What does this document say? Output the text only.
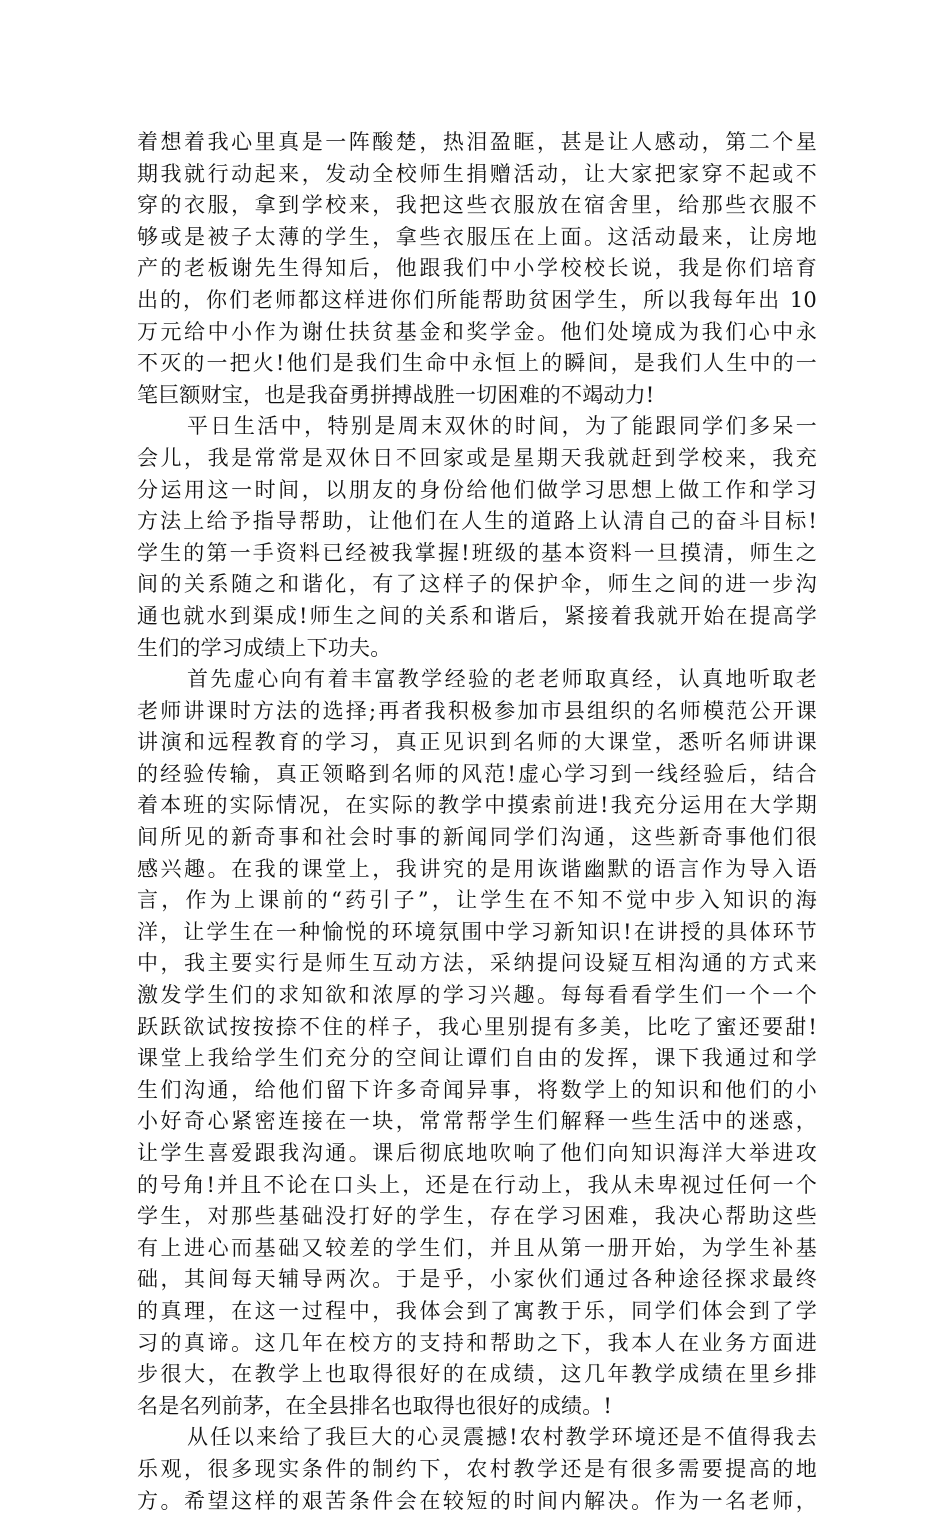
着想着我心里真是一阵酸楚，热泪盈眶，甚是让人感动，第二个星
期我就行动起来，发动全校师生捐赠活动，让大家把家穿不起或不
穿的衣服，拿到学校来，我把这些衣服放在宿舍里，给那些衣服不
够或是被子太薄的学生，拿些衣服压在上面。这活动最来，让房地
产的老板谢先生得知后，他跟我们中小学校校长说，我是你们培育
出的，你们老师都这样进你们所能帮助贫困学生，所以我每年出 10
万元给中小作为谢仕扶贫基金和奖学金。他们处境成为我们心中永
不灭的一把火!他们是我们生命中永恒上的瞬间，是我们人生中的一
笔巨额财宝，也是我奋勇拼搏战胜一切困难的不竭动力!
平日生活中，特别是周末双休的时间，为了能跟同学们多呆一
会儿，我是常常是双休日不回家或是星期天我就赶到学校来，我充
分运用这一时间，以朋友的身份给他们做学习思想上做工作和学习
方法上给予指导帮助，让他们在人生的道路上认清自己的奋斗目标!
学生的第一手资料已经被我掌握!班级的基本资料一旦摸清，师生之
间的关系随之和谐化，有了这样子的保护伞，师生之间的进一步沟
通也就水到渠成!师生之间的关系和谐后，紧接着我就开始在提高学
生们的学习成绩上下功夫。
首先虚心向有着丰富教学经验的老老师取真经，认真地听取老
老师讲课时方法的选择;再者我积极参加市县组织的名师模范公开课
讲演和远程教育的学习，真正见识到名师的大课堂，悉听名师讲课
的经验传输，真正领略到名师的风范!虚心学习到一线经验后，结合
着本班的实际情况，在实际的教学中摸索前进!我充分运用在大学期
间所见的新奇事和社会时事的新闻同学们沟通，这些新奇事他们很
感兴趣。在我的课堂上，我讲究的是用诙谐幽默的语言作为导入语
言，作为上课前的“药引子”，让学生在不知不觉中步入知识的海
洋，让学生在一种愉悦的环境氛围中学习新知识!在讲授的具体环节
中，我主要实行是师生互动方法，采纳提问设疑互相沟通的方式来
激发学生们的求知欲和浓厚的学习兴趣。每每看看学生们一个一个
跃跃欲试按按捺不住的样子，我心里别提有多美，比吃了蜜还要甜!
课堂上我给学生们充分的空间让谭们自由的发挥，课下我通过和学
生们沟通，给他们留下许多奇闻异事，将数学上的知识和他们的小
小好奇心紧密连接在一块，常常帮学生们解释一些生活中的迷惑，
让学生喜爱跟我沟通。课后彻底地吹响了他们向知识海洋大举进攻
的号角!并且不论在口头上，还是在行动上，我从未卑视过任何一个
学生，对那些基础没打好的学生，存在学习困难，我决心帮助这些
有上进心而基础又较差的学生们，并且从第一册开始，为学生补基
础，其间每天辅导两次。于是乎，小家伙们通过各种途径探求最终
的真理，在这一过程中，我体会到了寓教于乐，同学们体会到了学
习的真谛。这几年在校方的支持和帮助之下，我本人在业务方面进
步很大，在教学上也取得很好的在成绩，这几年教学成绩在里乡排
名是名列前茅，在全县排名也取得也很好的成绩。!
从任以来给了我巨大的心灵震撼!农村教学环境还是不值得我去
乐观，很多现实条件的制约下，农村教学还是有很多需要提高的地
方。希望这样的艰苦条件会在较短的时间内解决。作为一名老师，
